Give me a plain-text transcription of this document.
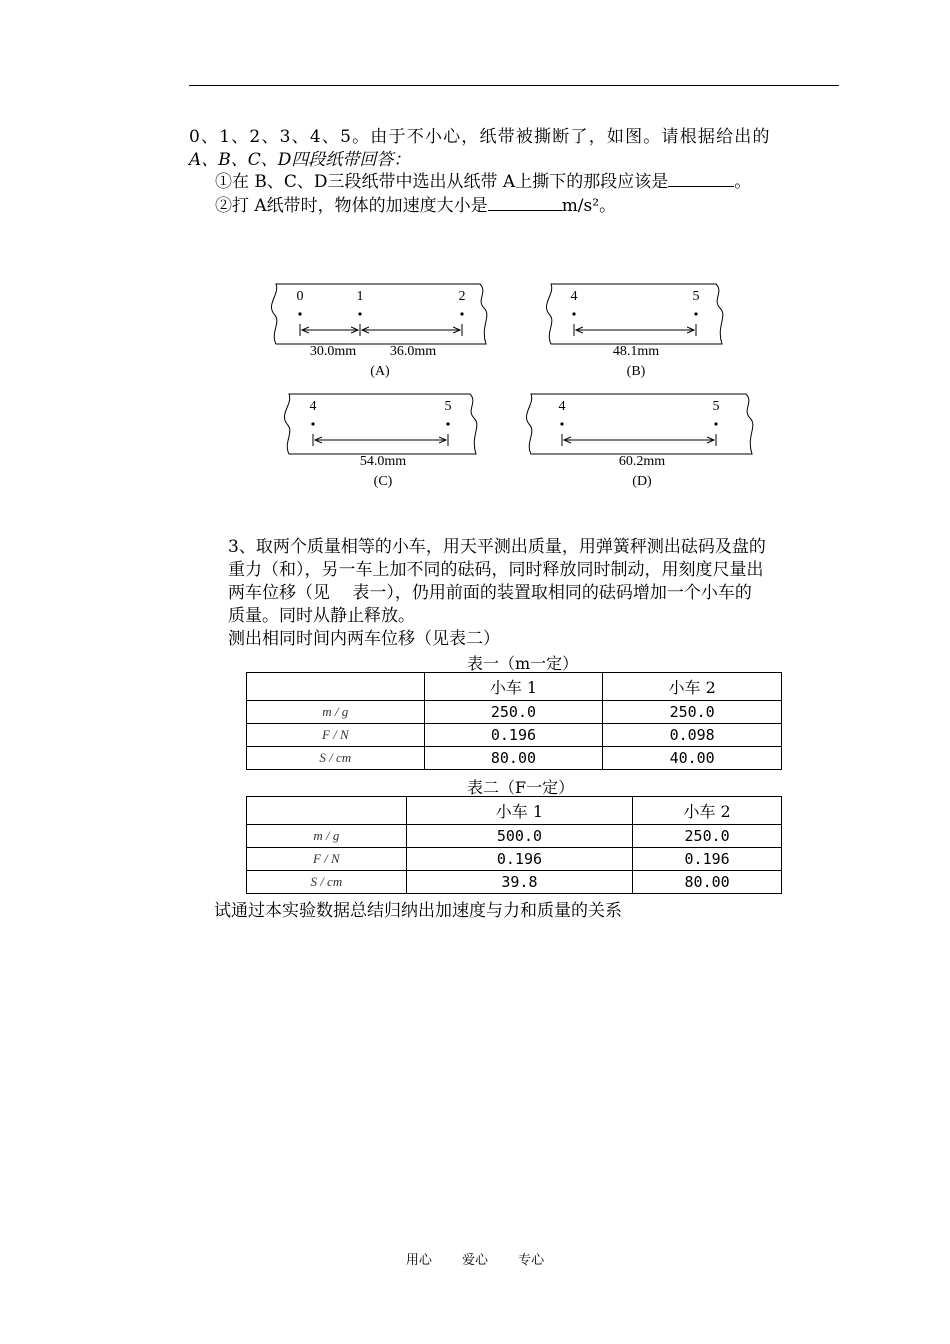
0、1、2、3、4、5。由于不小心，纸带被撕断了，如图。请根据给出的
A、B、C、D四段纸带回答：
①在 B、C、D三段纸带中选出从纸带 A上撕下的那段应该是	。
②打 A纸带时，物体的加速度大小是	m/s²。
0	1	2
30.0mm 36.0mm
(A)
4	5
48.1mm
(B)
4	5
54.0mm
(C)
4	5
60.2mm
(D)
3、取两个质量相等的小车，用天平测出质量，用弹簧秤测出砝码及盘的
重力（和），另一车上加不同的砝码，同时释放同时制动，用刻度尺量出
两车位移（见　 表一），仍用前面的装置取相同的砝码增加一个小车的
质量。同时从静止释放。
测出相同时间内两车位移（见表二）
表一（m一定）
	小车 1	小车 2
m / g	250.0	250.0
F / N	0.196	0.098
S / cm	80.00	40.00
表二（F一定）
	小车 1	小车 2
m / g	500.0	250.0
F / N	0.196	0.196
S / cm	39.8	80.00
试通过本实验数据总结归纳出加速度与力和质量的关系
用心 爱心 专心
